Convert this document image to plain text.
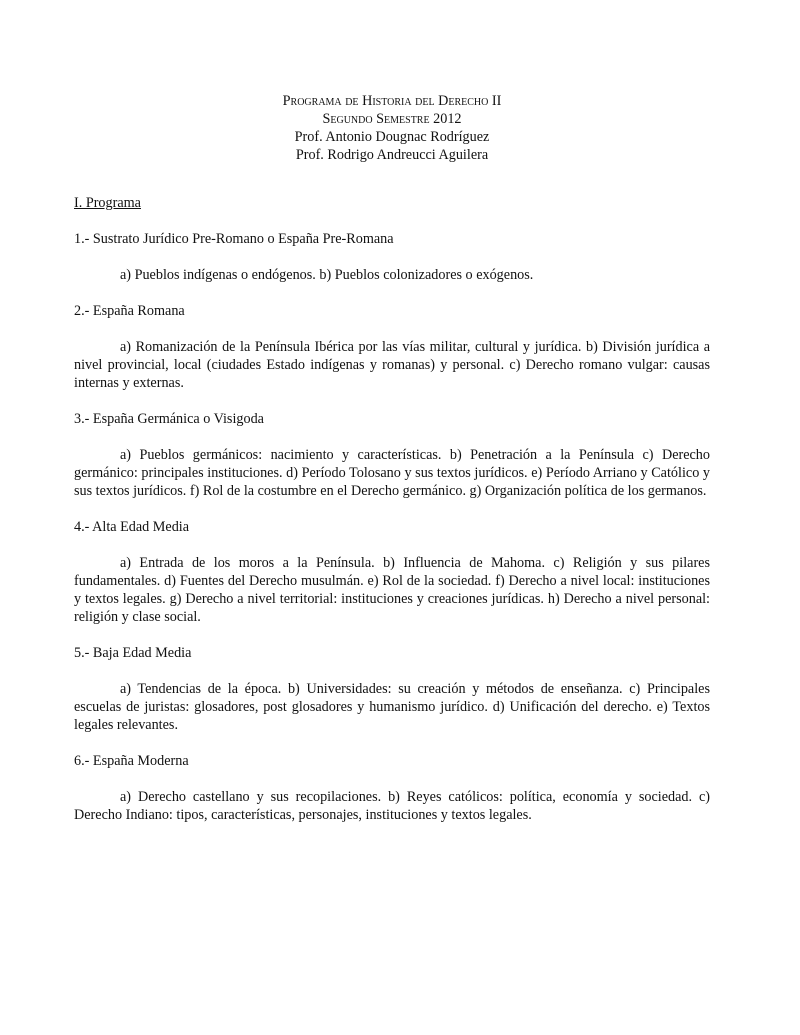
Programa de Historia del Derecho II
Segundo Semestre 2012
Prof. Antonio Dougnac Rodríguez
Prof. Rodrigo Andreucci Aguilera
I. Programa
1.- Sustrato Jurídico Pre-Romano o España Pre-Romana
a) Pueblos indígenas o endógenos. b) Pueblos colonizadores o exógenos.
2.- España Romana
a) Romanización de la Península Ibérica por las vías militar, cultural y jurídica. b) División jurídica a nivel provincial, local (ciudades Estado indígenas y romanas) y personal. c) Derecho romano vulgar: causas internas y externas.
3.- España Germánica o Visigoda
a) Pueblos germánicos: nacimiento y características. b) Penetración a la Península c) Derecho germánico: principales instituciones. d) Período Tolosano y sus textos jurídicos. e) Período Arriano y Católico y sus textos jurídicos. f) Rol de la costumbre en el Derecho germánico. g) Organización política de los germanos.
4.- Alta Edad Media
a) Entrada de los moros a la Península. b) Influencia de Mahoma. c) Religión y sus pilares fundamentales. d) Fuentes del Derecho musulmán. e) Rol de la sociedad. f) Derecho a nivel local: instituciones y textos legales. g) Derecho a nivel territorial: instituciones y creaciones jurídicas. h) Derecho a nivel personal: religión y clase social.
5.- Baja Edad Media
a) Tendencias de la época. b) Universidades: su creación y métodos de enseñanza. c) Principales escuelas de juristas: glosadores, post glosadores y humanismo jurídico. d) Unificación del derecho. e) Textos legales relevantes.
6.- España Moderna
a) Derecho castellano y sus recopilaciones. b) Reyes católicos: política, economía y sociedad. c) Derecho Indiano: tipos, características, personajes, instituciones y textos legales.
